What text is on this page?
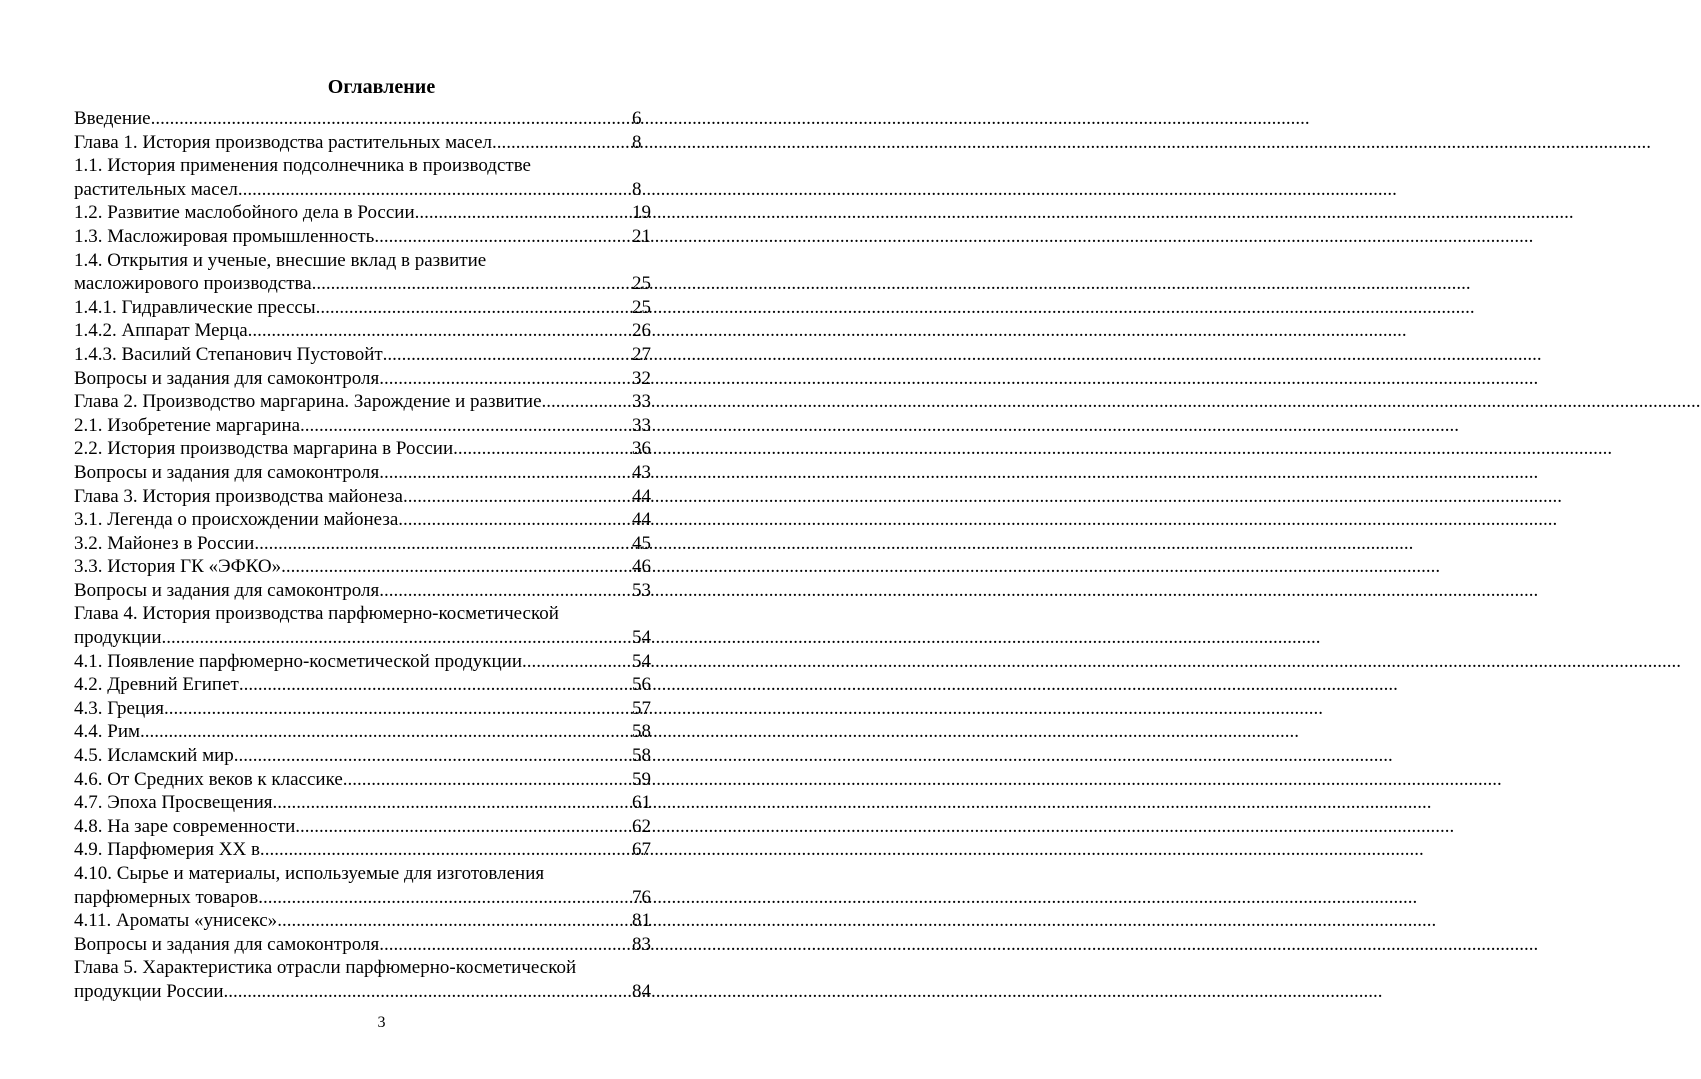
Оглавление
Введение .....	6
Глава 1. История производства растительных масел .....	8
1.1. История применения подсолнечника в производстве
растительных масел .....	8
1.2. Развитие маслобойного дела в России .....	19
1.3. Масложировая промышленность .....	21
1.4. Открытия и ученые, внесшие вклад в развитие
масложирового производства .....	25
1.4.1. Гидравлические прессы .....	25
1.4.2. Аппарат Мерца .....	26
1.4.3. Василий Степанович Пустовойт .....	27
Вопросы и задания для самоконтроля .....	32
Глава 2. Производство маргарина. Зарождение и развитие .....	33
2.1. Изобретение маргарина .....	33
2.2. История производства маргарина в России .....	36
Вопросы и задания для самоконтроля .....	43
Глава 3. История производства майонеза .....	44
3.1. Легенда о происхождении майонеза .....	44
3.2. Майонез в России .....	45
3.3. История ГК «ЭФКО» .....	46
Вопросы и задания для самоконтроля .....	53
Глава 4. История производства парфюмерно-косметической
продукции .....	54
4.1. Появление парфюмерно-косметической продукции .....	54
4.2. Древний Египет .....	56
4.3. Греция .....	57
4.4. Рим .....	58
4.5. Исламский мир .....	58
4.6. От Средних веков к классике .....	59
4.7. Эпоха Просвещения .....	61
4.8. На заре современности .....	62
4.9. Парфюмерия XX в. .....	67
4.10. Сырье и материалы, используемые для изготовления
парфюмерных товаров .....	76
4.11. Ароматы «унисекс» .....	81
Вопросы и задания для самоконтроля .....	83
Глава 5. Характеристика отрасли парфюмерно-косметической
продукции России .....	84
3
